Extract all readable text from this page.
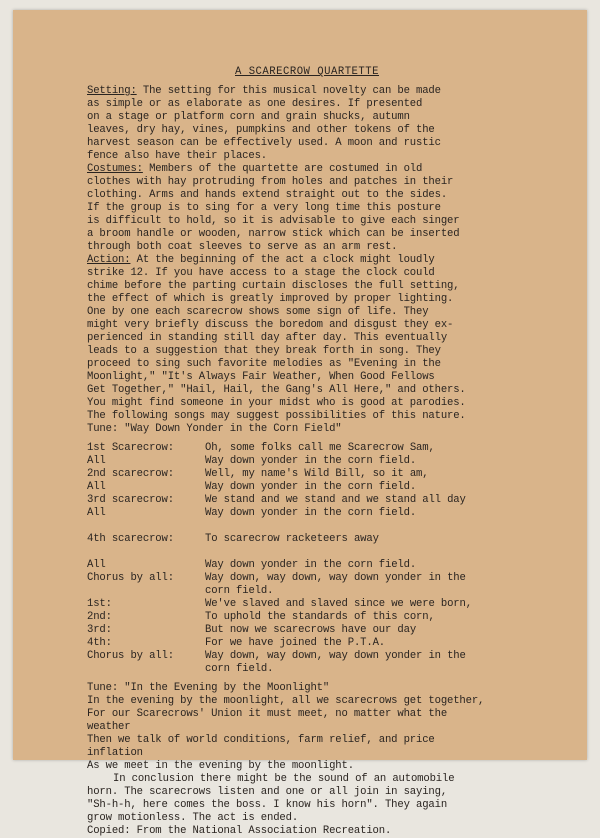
A SCARECROW QUARTETTE
Setting: The setting for this musical novelty can be made
as simple or as elaborate as one desires. If presented
on a stage or platform corn and grain shucks, autumn
leaves, dry hay, vines, pumpkins and other tokens of the
harvest season can be effectively used. A moon and rustic
fence also have their places.
Costumes: Members of the quartette are costumed in old
clothes with hay protruding from holes and patches in their
clothing. Arms and hands extend straight out to the sides.
If the group is to sing for a very long time this posture
is difficult to hold, so it is advisable to give each singer
a broom handle or wooden, narrow stick which can be inserted
through both coat sleeves to serve as an arm rest.
Action: At the beginning of the act a clock might loudly
strike 12. If you have access to a stage the clock could
chime before the parting curtain discloses the full setting,
the effect of which is greatly improved by proper lighting.
One by one each scarecrow shows some sign of life. They
might very briefly discuss the boredom and disgust they ex-
perienced in standing still day after day. This eventually
leads to a suggestion that they break forth in song. They
proceed to sing such favorite melodies as "Evening in the
Moonlight," "It's Always Fair Weather, When Good Fellows
Get Together," "Hail, Hail, the Gang's All Here," and others.
You might find someone in your midst who is good at parodies.
The following songs may suggest possibilities of this nature.
Tune: "Way Down Yonder in the Corn Field"
1st Scarecrow:	Oh, some folks call me Scarecrow Sam,
All	Way down yonder in the corn field.
2nd scarecrow:	Well, my name's Wild Bill, so it am,
All	Way down yonder in the corn field.
3rd scarecrow:	We stand and we stand and we stand all day
All	Way down yonder in the corn field.
4th scarecrow:	To scarecrow racketeers away
All	Way down yonder in the corn field.
Chorus by all:	Way down, way down, way down yonder in the
corn field.
1st:	We've slaved and slaved since we were born,
2nd:	To uphold the standards of this corn,
3rd:	But now we scarecrows have our day
4th:	For we have joined the P.T.A.
Chorus by all:	Way down, way down, way down yonder in the
corn field.
Tune: "In the Evening by the Moonlight"
In the evening by the moonlight, all we scarecrows get together,
For our Scarecrows' Union it must meet, no matter what the
weather
Then we talk of world conditions, farm relief, and price
inflation
As we meet in the evening by the moonlight.
In conclusion there might be the sound of an automobile
horn. The scarecrows listen and one or all join in saying,
"Sh-h-h, here comes the boss. I know his horn". They again
grow motionless. The act is ended.
Copied: From the National Association Recreation.
